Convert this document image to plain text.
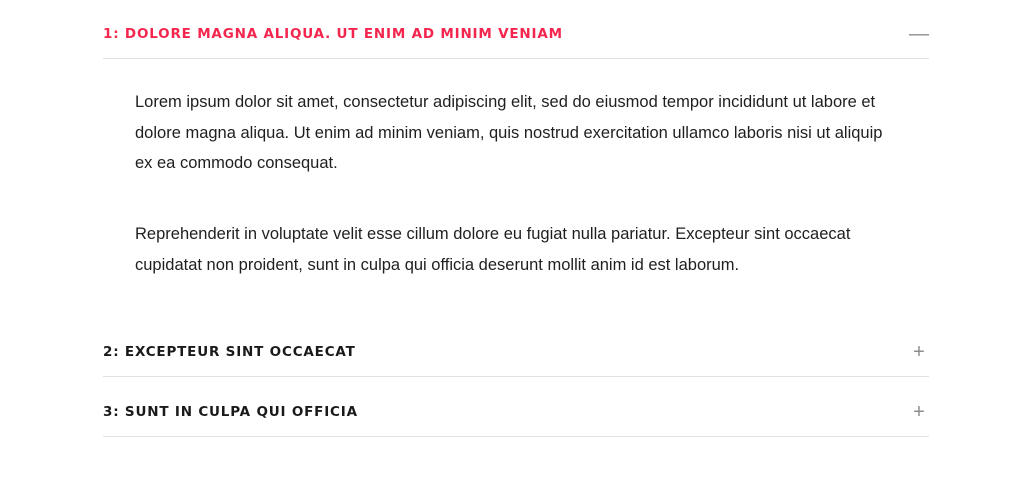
1: DOLORE MAGNA ALIQUA. UT ENIM AD MINIM VENIAM	—

Lorem ipsum dolor sit amet, consectetur adipiscing elit, sed do eiusmod tempor incididunt ut labore et dolore magna aliqua. Ut enim ad minim veniam, quis nostrud exercitation ullamco laboris nisi ut aliquip ex ea commodo consequat.

Reprehenderit in voluptate velit esse cillum dolore eu fugiat nulla pariatur. Excepteur sint occaecat cupidatat non proident, sunt in culpa qui officia deserunt mollit anim id est laborum.

2: EXCEPTEUR SINT OCCAECAT	+
3: SUNT IN CULPA QUI OFFICIA	+
